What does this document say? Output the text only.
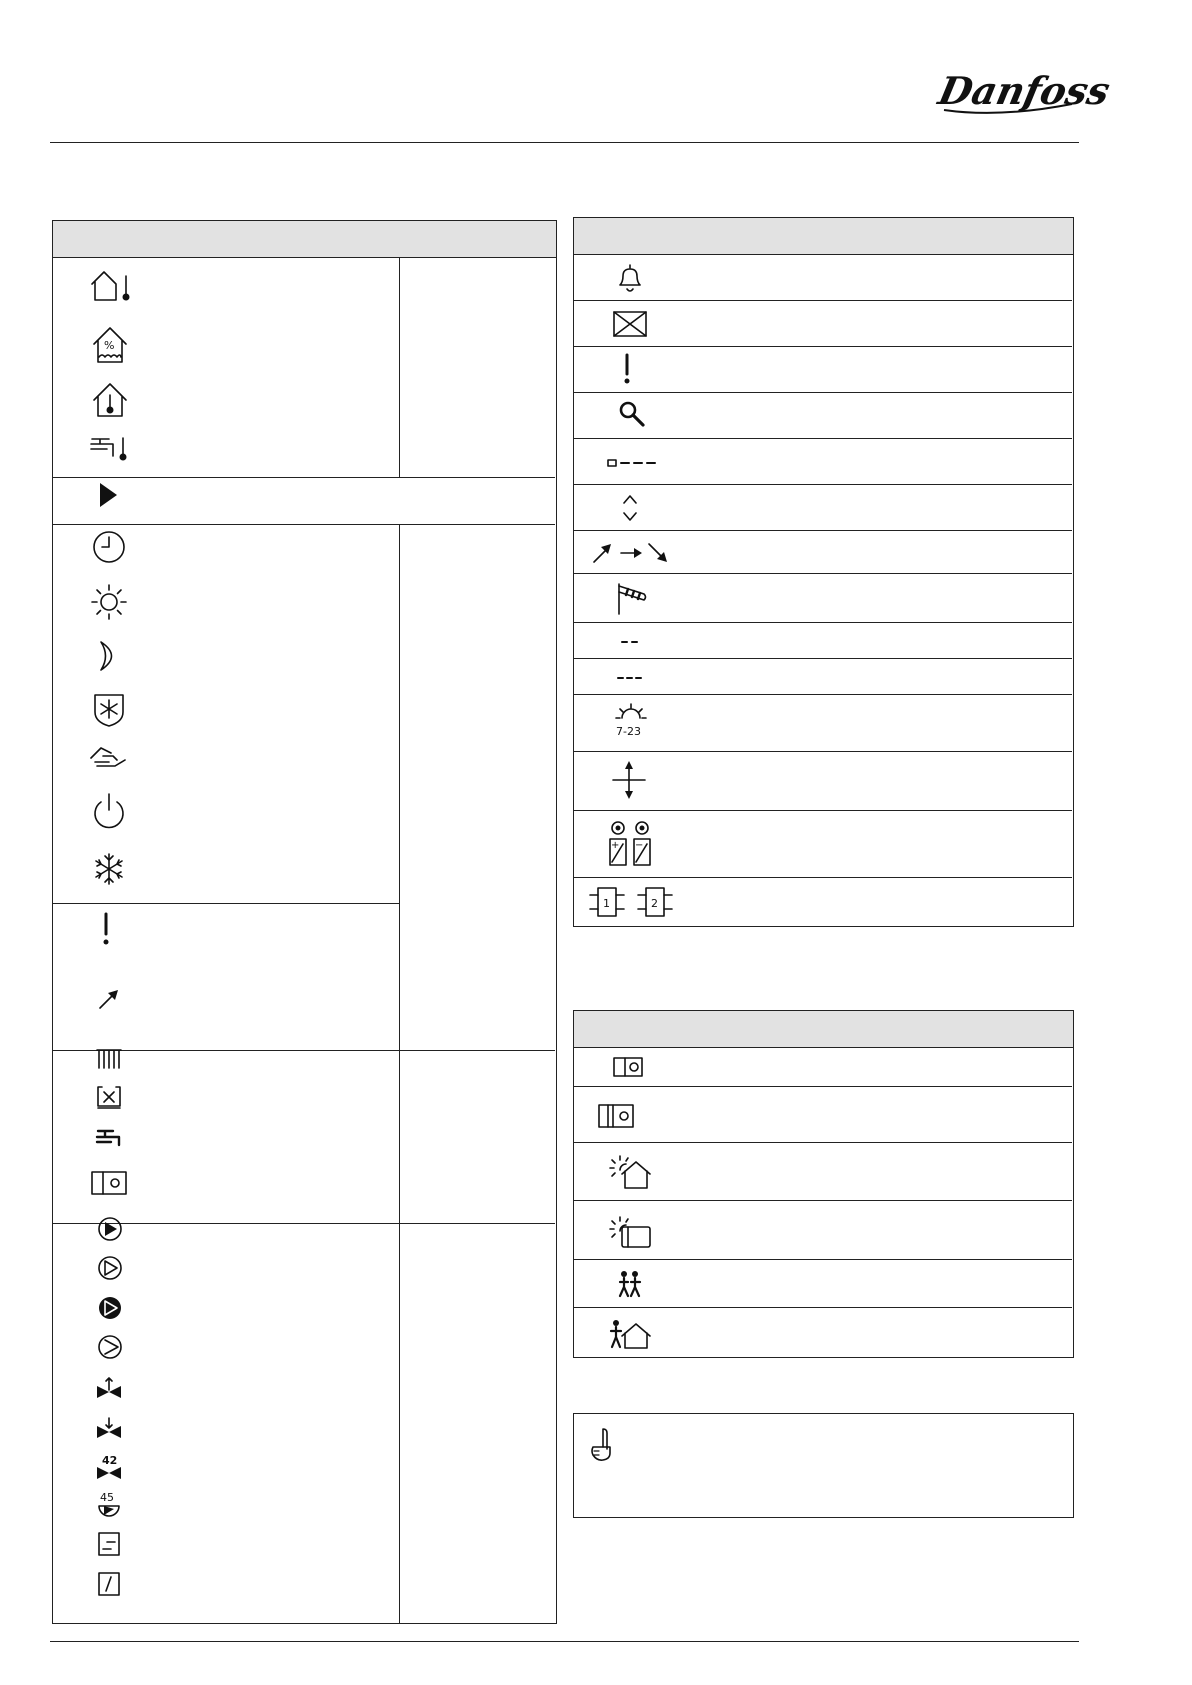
Danfoss
%
42
45
7-23
+ −
1	2
